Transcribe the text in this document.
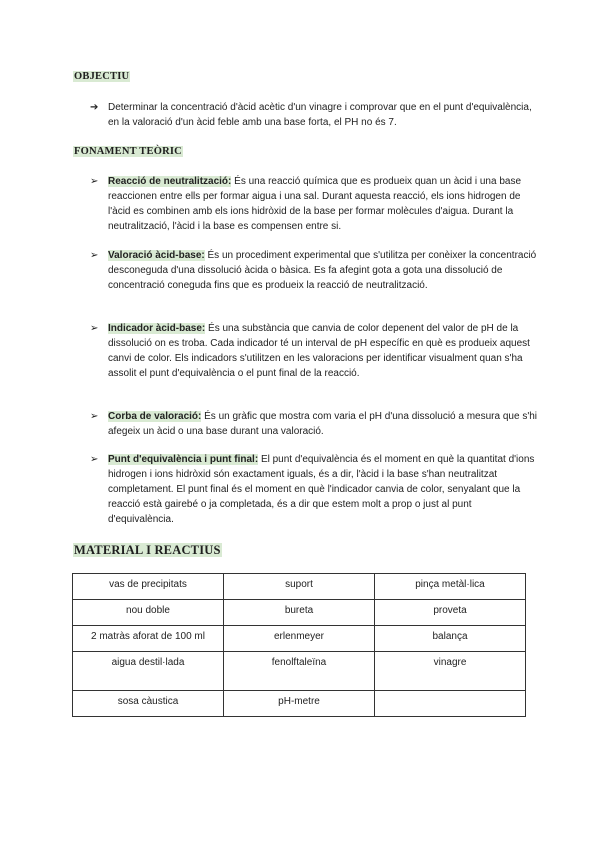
OBJECTIU
➔ Determinar la concentració d'àcid acètic d'un vinagre i comprovar que en el punt d'equivalència, en la valoració d'un àcid feble amb una base forta, el PH no és 7.
FONAMENT TEÒRIC
➢ Reacció de neutralització: És una reacció química que es produeix quan un àcid i una base reaccionen entre ells per formar aigua i una sal. Durant aquesta reacció, els ions hidrogen de l'àcid es combinen amb els ions hidròxid de la base per formar molècules d'aigua. Durant la neutralització, l'àcid i la base es compensen entre si.
➢ Valoració àcid-base: És un procediment experimental que s'utilitza per conèixer la concentració desconeguda d'una dissolució àcida o bàsica. Es fa afegint gota a gota una dissolució de concentració coneguda fins que es produeix la reacció de neutralització.
➢ Indicador àcid-base: És una substància que canvia de color depenent del valor de pH de la dissolució on es troba. Cada indicador té un interval de pH específic en què es produeix aquest canvi de color. Els indicadors s'utilitzen en les valoracions per identificar visualment quan s'ha assolit el punt d'equivalència o el punt final de la reacció.
➢ Corba de valoració: És un gràfic que mostra com varia el pH d'una dissolució a mesura que s'hi afegeix un àcid o una base durant una valoració.
➢ Punt d'equivalència i punt final: El punt d'equivalència és el moment en què la quantitat d'ions hidrogen i ions hidròxid són exactament iguals, és a dir, l'àcid i la base s'han neutralitzat completament. El punt final és el moment en què l'indicador canvia de color, senyalant que la reacció està gairebé o ja completada, és a dir que estem molt a prop o just al punt d'equivalència.
MATERIAL I REACTIUS
vas de precipitats	suport	pinça metàl·lica
nou doble	bureta	proveta
2 matràs aforat de 100 ml	erlenmeyer	balança
aigua destil·lada	fenolftaleïna	vinagre
sosa càustica	pH-metre	
